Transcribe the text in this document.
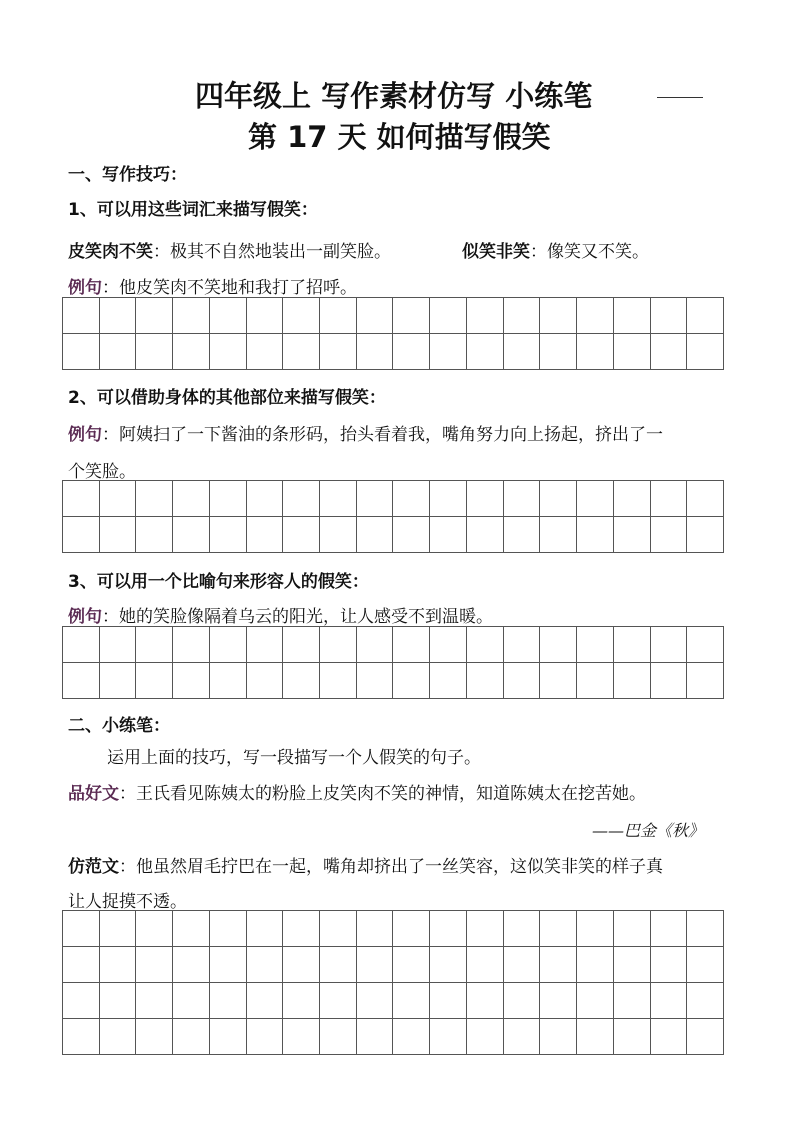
四年级上 写作素材仿写 小练笔
第 17 天 如何描写假笑
一、写作技巧：
1、可以用这些词汇来描写假笑：
皮笑肉不笑：极其不自然地装出一副笑脸。	似笑非笑：像笑又不笑。
例句：他皮笑肉不笑地和我打了招呼。
2、可以借助身体的其他部位来描写假笑：
例句：阿姨扫了一下酱油的条形码，抬头看着我，嘴角努力向上扬起，挤出了一
个笑脸。
3、可以用一个比喻句来形容人的假笑：
例句：她的笑脸像隔着乌云的阳光，让人感受不到温暖。
二、小练笔：
运用上面的技巧，写一段描写一个人假笑的句子。
品好文：王氏看见陈姨太的粉脸上皮笑肉不笑的神情，知道陈姨太在挖苦她。
——巴金《秋》
仿范文：他虽然眉毛拧巴在一起，嘴角却挤出了一丝笑容，这似笑非笑的样子真
让人捉摸不透。
